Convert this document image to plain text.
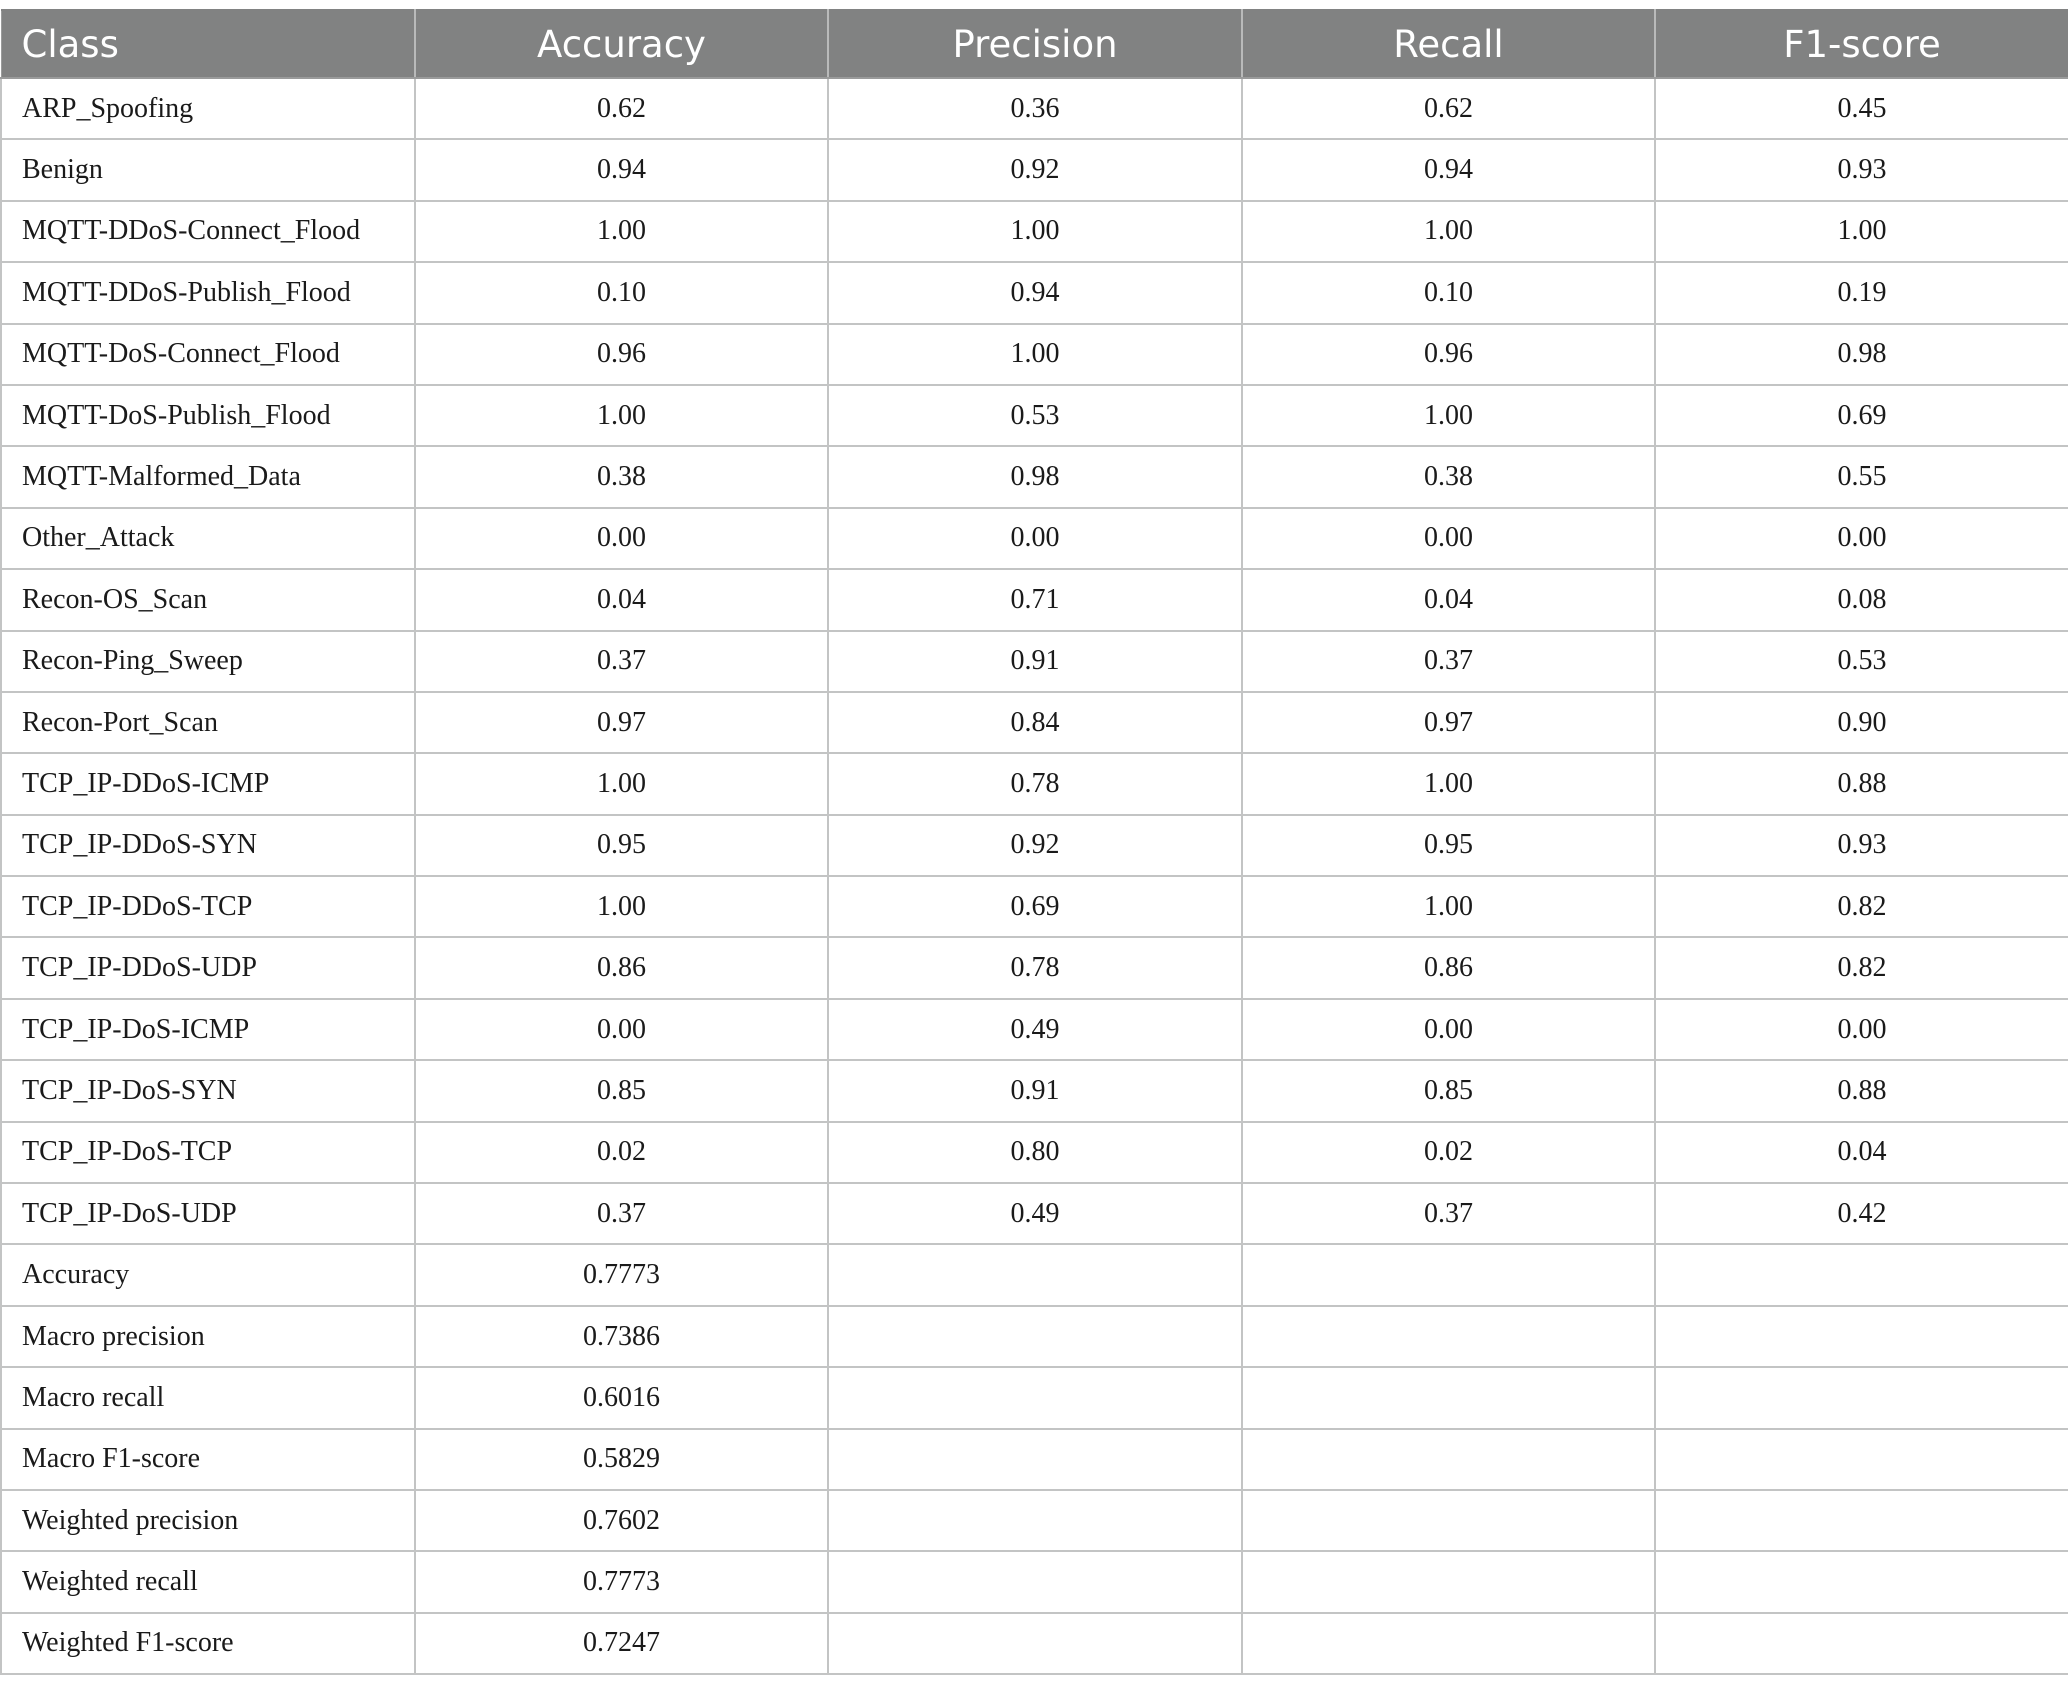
Class	Accuracy	Precision	Recall	F1-score
ARP_Spoofing	0.62	0.36	0.62	0.45
Benign	0.94	0.92	0.94	0.93
MQTT-DDoS-Connect_Flood	1.00	1.00	1.00	1.00
MQTT-DDoS-Publish_Flood	0.10	0.94	0.10	0.19
MQTT-DoS-Connect_Flood	0.96	1.00	0.96	0.98
MQTT-DoS-Publish_Flood	1.00	0.53	1.00	0.69
MQTT-Malformed_Data	0.38	0.98	0.38	0.55
Other_Attack	0.00	0.00	0.00	0.00
Recon-OS_Scan	0.04	0.71	0.04	0.08
Recon-Ping_Sweep	0.37	0.91	0.37	0.53
Recon-Port_Scan	0.97	0.84	0.97	0.90
TCP_IP-DDoS-ICMP	1.00	0.78	1.00	0.88
TCP_IP-DDoS-SYN	0.95	0.92	0.95	0.93
TCP_IP-DDoS-TCP	1.00	0.69	1.00	0.82
TCP_IP-DDoS-UDP	0.86	0.78	0.86	0.82
TCP_IP-DoS-ICMP	0.00	0.49	0.00	0.00
TCP_IP-DoS-SYN	0.85	0.91	0.85	0.88
TCP_IP-DoS-TCP	0.02	0.80	0.02	0.04
TCP_IP-DoS-UDP	0.37	0.49	0.37	0.42
Accuracy	0.7773			
Macro precision	0.7386			
Macro recall	0.6016			
Macro F1-score	0.5829			
Weighted precision	0.7602			
Weighted recall	0.7773			
Weighted F1-score	0.7247			
